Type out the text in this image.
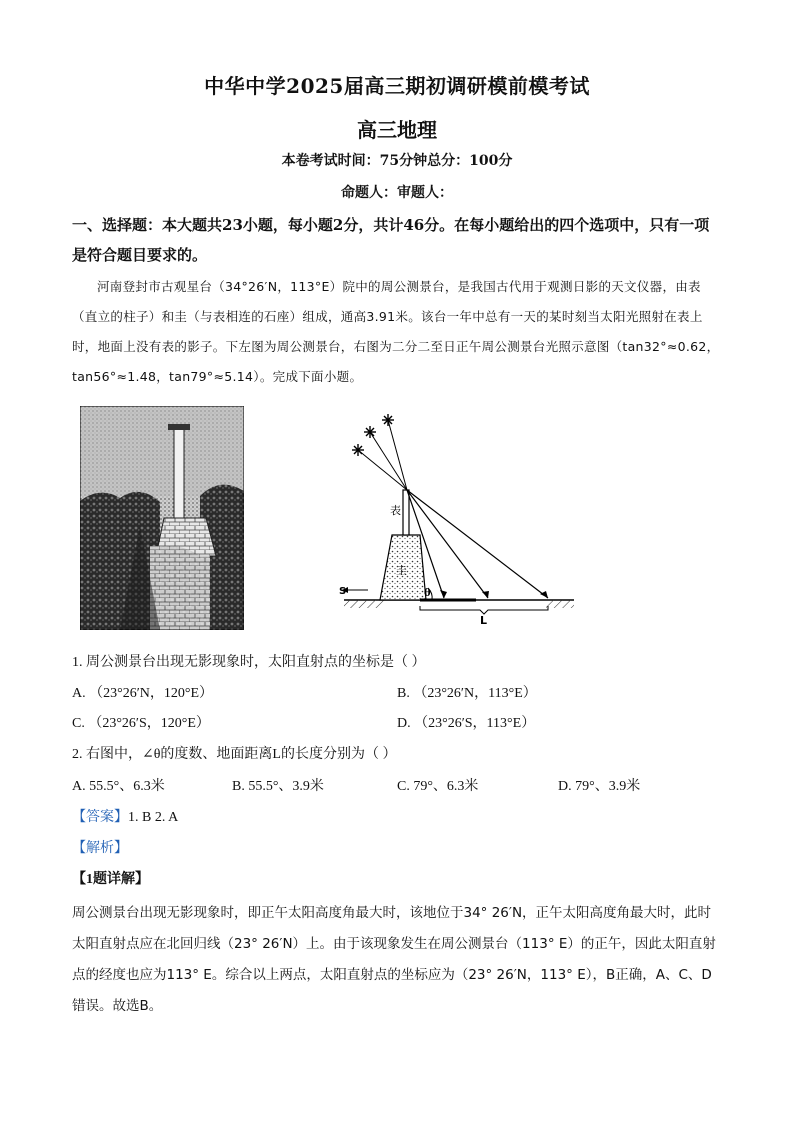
中华中学2025届高三期初调研模前模考试
高三地理
本卷考试时间：75分钟总分：100分
命题人：审题人：
一、选择题：本大题共23小题，每小题2分，共计46分。在每小题给出的四个选项中，只有一项是符合题目要求的。
河南登封市古观星台（34°26′N，113°E）院中的周公测景台，是我国古代用于观测日影的天文仪器，由表（直立的柱子）和圭（与表相连的石座）组成，通高3.91米。该台一年中总有一天的某时刻当太阳光照射在表上时，地面上没有表的影子。下左图为周公测景台，右图为二分二至日正午周公测景台光照示意图（tan32°≈0.62，tan56°≈1.48，tan79°≈5.14）。完成下面小题。
S
表
圭
θ
L
1. 周公测景台出现无影现象时，太阳直射点的坐标是（ ）
A. （23°26′N，120°E）	B. （23°26′N，113°E）
C. （23°26′S，120°E）	D. （23°26′S，113°E）
2. 右图中，∠θ的度数、地面距离L的长度分别为（ ）
A. 55.5°、6.3米	B. 55.5°、3.9米	C. 79°、6.3米	D. 79°、3.9米
【答案】1. B 2. A
【解析】
【1题详解】
周公测景台出现无影现象时，即正午太阳高度角最大时，该地位于34° 26′N，正午太阳高度角最大时，此时太阳直射点应在北回归线（23° 26′N）上。由于该现象发生在周公测景台（113° E）的正午，因此太阳直射点的经度也应为113° E。综合以上两点，太阳直射点的坐标应为（23° 26′N，113° E），B正确，A、C、D错误。故选B。
